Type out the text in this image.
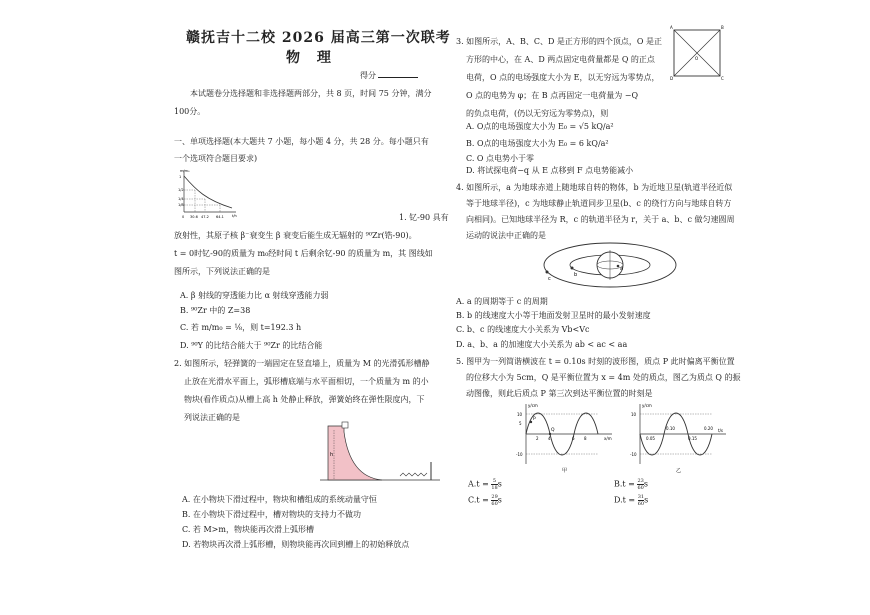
赣抚吉十二校 2026 届高三第一次联考
物 理
得分
本试题卷分选择题和非选择题两部分，共 8 页，时间 75 分钟，满分
100分。
一、单项选择题(本大题共 7 小题，每小题 4 分，共 28 分。每小题只有
一个选项符合题目要求)
m/m₀
t/h
1
1/2
1/4
1/8
0 30.6 47.2 64.1	1. 钇-90 具有
放射性，其原子核 β⁻衰变生 β 衰变后能生成无辐射的 ⁹⁰Zr(锆-90)。
t = 0时钇-90的质量为 m₀经时间 t 后剩余钇-90 的质量为 m，其 图线如
图所示，下列说法正确的是
A. β 射线的穿透能力比 α 射线穿透能力弱
B. ⁹⁰Zr 中的 Z=38
C. 若 m/m₀ = ⅛，则 t=192.3 h
D. ⁹⁰Y 的比结合能大于 ⁹⁰Zr 的比结合能
2. 如图所示，轻弹簧的一端固定在竖直墙上，质量为 M 的光滑弧形槽静
止放在光滑水平面上，弧形槽底端与水平面相切，一个质量为 m 的小
物块(看作质点)从槽上高 h 处静止释放，弹簧始终在弹性限度内，下
列说法正确的是
h
A. 在小物块下滑过程中，物块和槽组成的系统动量守恒
B. 在小物块下滑过程中，槽对物块的支持力不做功
C. 若 M>m，物块能再次滑上弧形槽
D. 若物块再次滑上弧形槽，则物块能再次回到槽上的初始释放点
3. 如图所示，A、B、C、D 是正方形的四个顶点，O 是正
方形的中心，在 A、D 两点固定电荷量都是 Q 的正点
电荷，O 点的电场强度大小为 E，以无穷远为零势点，
O 点的电势为 φ；在 B 点再固定一电荷量为 −Q
的负点电荷，(仍以无穷远为零势点)，则
A	B
C
D
O
A. O点的电场强度大小为 E₀ = √5 kQ/a²
B. O点的电场强度大小为 E₀ = 6 kQ/a²
C. O 点电势小于零
D. 将试探电荷−q 从 E 点移到 F 点电势能减小
4. 如图所示，a 为地球赤道上随地球自转的物体，b 为近地卫星(轨道半径近似
等于地球半径)，c 为地球静止轨道同步卫星(b、c 的绕行方向与地球自转方
向相同)。已知地球半径为 R，c 的轨道半径为 r，关于 a、b、c 做匀速圆周
运动的说法中正确的是
a
b
c
A. a 的周期等于 c 的周期
B. b 的线速度大小等于地面发射卫星时的最小发射速度
C. b、c 的线速度大小关系为 Vb<Vc
D. a、b、a 的加速度大小关系为 ab < ac < aa
5. 图甲为一列简谐横波在 t = 0.10s 时刻的波形图，质点 P 此时偏离平衡位置
的位移大小为 5cm，Q 是平衡位置为 x = 4m 处的质点，图乙为质点 Q 的振
动图像，则此后质点 P 第三次到达平衡位置的时刻是
y/cm
x/m
10
5
-10
P
Q
2 4	6 8
甲
y/cm
t/s
10
-10
0.05
0.10
0.15
0.20
乙
$A.t = \frac{5}{18}$ s	$B.t = \frac{23}{60}$ s
$C.t = \frac{29}{60}$ s	$D.t = \frac{31}{60}$ s
